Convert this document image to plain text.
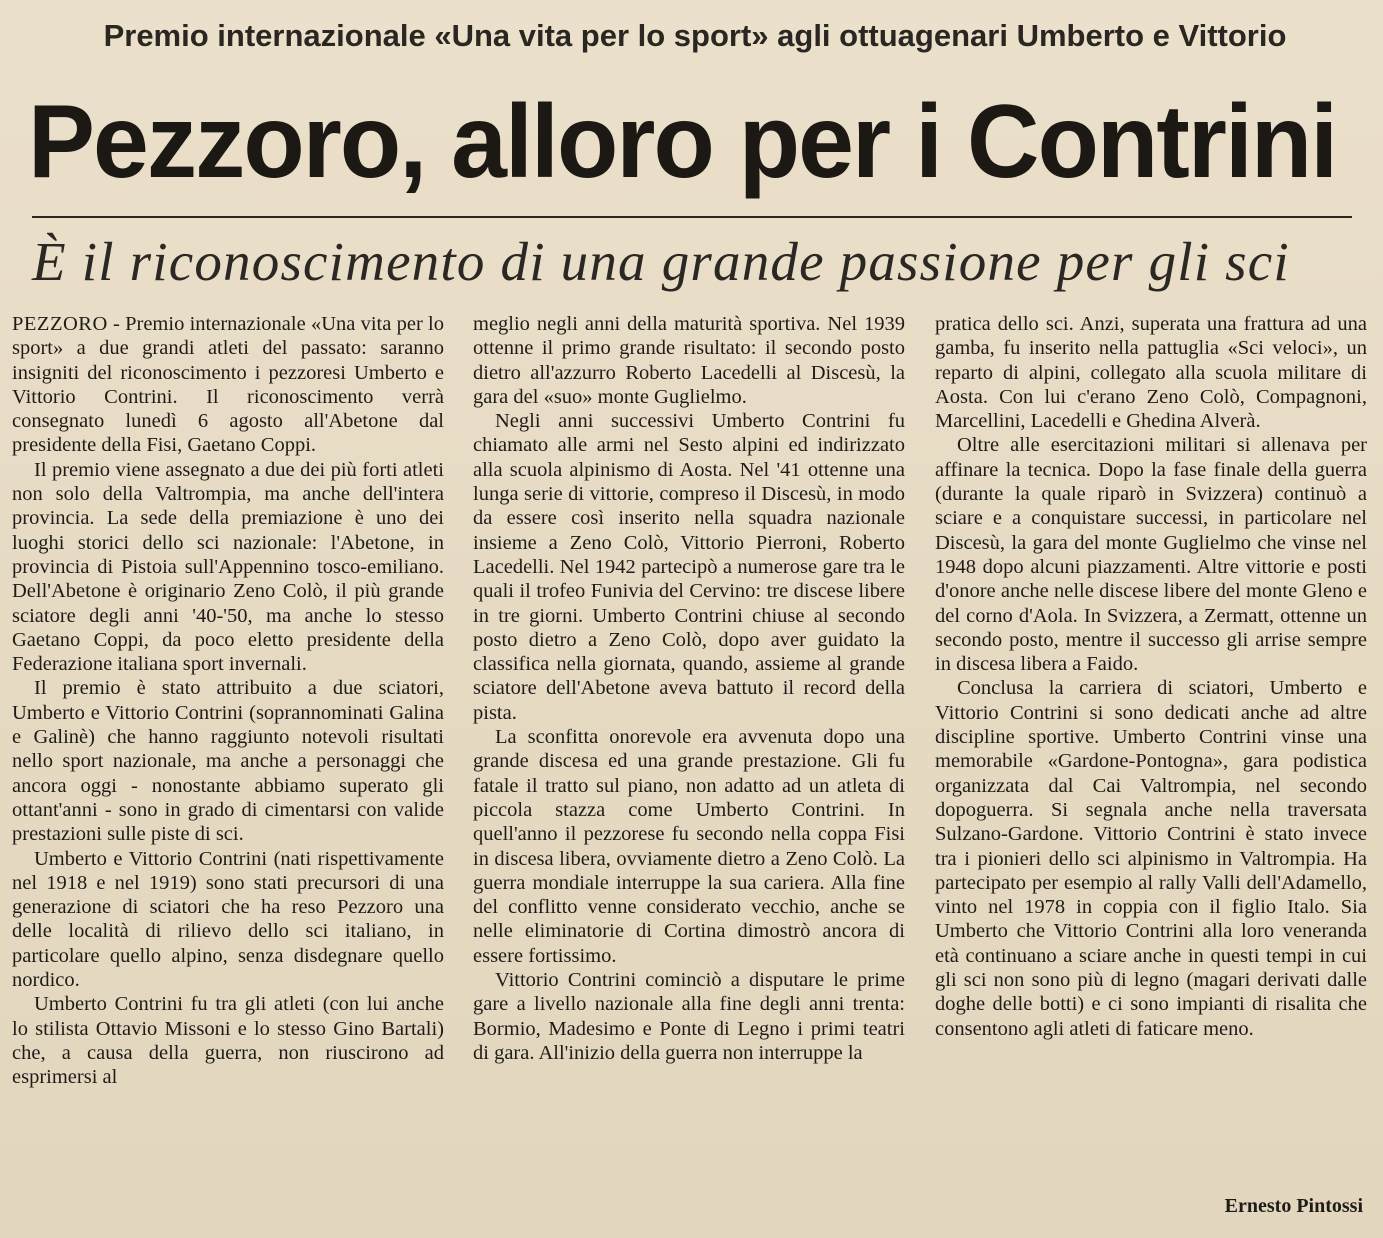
Premio internazionale «Una vita per lo sport» agli ottuagenari Umberto e Vittorio
Pezzoro, alloro per i Contrini
È il riconoscimento di una grande passione per gli sci

PEZZORO - Premio internazionale «Una vita per lo sport» a due grandi atleti del passato: saranno insigniti del riconoscimento i pezzoresi Umberto e Vittorio Contrini. Il riconoscimento verrà consegnato lunedì 6 agosto all'Abetone dal presidente della Fisi, Gaetano Coppi.

Il premio viene assegnato a due dei più forti atleti non solo della Valtrompia, ma anche dell'intera provincia. La sede della premiazione è uno dei luoghi storici dello sci nazionale: l'Abetone, in provincia di Pistoia sull'Appennino tosco-emiliano. Dell'Abetone è originario Zeno Colò, il più grande sciatore degli anni '40-'50, ma anche lo stesso Gaetano Coppi, da poco eletto presidente della Federazione italiana sport invernali.

Il premio è stato attribuito a due sciatori, Umberto e Vittorio Contrini (soprannominati Galina e Galinè) che hanno raggiunto notevoli risultati nello sport nazionale, ma anche a personaggi che ancora oggi - nonostante abbiamo superato gli ottant'anni - sono in grado di cimentarsi con valide prestazioni sulle piste di sci.

Umberto e Vittorio Contrini (nati rispettivamente nel 1918 e nel 1919) sono stati precursori di una generazione di sciatori che ha reso Pezzoro una delle località di rilievo dello sci italiano, in particolare quello alpino, senza disdegnare quello nordico.

Umberto Contrini fu tra gli atleti (con lui anche lo stilista Ottavio Missoni e lo stesso Gino Bartali) che, a causa della guerra, non riuscirono ad esprimersi al

meglio negli anni della maturità sportiva. Nel 1939 ottenne il primo grande risultato: il secondo posto dietro all'azzurro Roberto Lacedelli al Discesù, la gara del «suo» monte Guglielmo.

Negli anni successivi Umberto Contrini fu chiamato alle armi nel Sesto alpini ed indirizzato alla scuola alpinismo di Aosta. Nel '41 ottenne una lunga serie di vittorie, compreso il Discesù, in modo da essere così inserito nella squadra nazionale insieme a Zeno Colò, Vittorio Pierroni, Roberto Lacedelli. Nel 1942 partecipò a numerose gare tra le quali il trofeo Funivia del Cervino: tre discese libere in tre giorni. Umberto Contrini chiuse al secondo posto dietro a Zeno Colò, dopo aver guidato la classifica nella giornata, quando, assieme al grande sciatore dell'Abetone aveva battuto il record della pista.

La sconfitta onorevole era avvenuta dopo una grande discesa ed una grande prestazione. Gli fu fatale il tratto sul piano, non adatto ad un atleta di piccola stazza come Umberto Contrini. In quell'anno il pezzorese fu secondo nella coppa Fisi in discesa libera, ovviamente dietro a Zeno Colò. La guerra mondiale interruppe la sua cariera. Alla fine del conflitto venne considerato vecchio, anche se nelle eliminatorie di Cortina dimostrò ancora di essere fortissimo.

Vittorio Contrini cominciò a disputare le prime gare a livello nazionale alla fine degli anni trenta: Bormio, Madesimo e Ponte di Legno i primi teatri di gara. All'inizio della guerra non interruppe la

pratica dello sci. Anzi, superata una frattura ad una gamba, fu inserito nella pattuglia «Sci veloci», un reparto di alpini, collegato alla scuola militare di Aosta. Con lui c'erano Zeno Colò, Compagnoni, Marcellini, Lacedelli e Ghedina Alverà.

Oltre alle esercitazioni militari si allenava per affinare la tecnica. Dopo la fase finale della guerra (durante la quale riparò in Svizzera) continuò a sciare e a conquistare successi, in particolare nel Discesù, la gara del monte Guglielmo che vinse nel 1948 dopo alcuni piazzamenti. Altre vittorie e posti d'onore anche nelle discese libere del monte Gleno e del corno d'Aola. In Svizzera, a Zermatt, ottenne un secondo posto, mentre il successo gli arrise sempre in discesa libera a Faido.

Conclusa la carriera di sciatori, Umberto e Vittorio Contrini si sono dedicati anche ad altre discipline sportive. Umberto Contrini vinse una memorabile «Gardone-Pontogna», gara podistica organizzata dal Cai Valtrompia, nel secondo dopoguerra. Si segnala anche nella traversata Sulzano-Gardone. Vittorio Contrini è stato invece tra i pionieri dello sci alpinismo in Valtrompia. Ha partecipato per esempio al rally Valli dell'Adamello, vinto nel 1978 in coppia con il figlio Italo. Sia Umberto che Vittorio Contrini alla loro veneranda età continuano a sciare anche in questi tempi in cui gli sci non sono più di legno (magari derivati dalle doghe delle botti) e ci sono impianti di risalita che consentono agli atleti di faticare meno.

Ernesto Pintossi
